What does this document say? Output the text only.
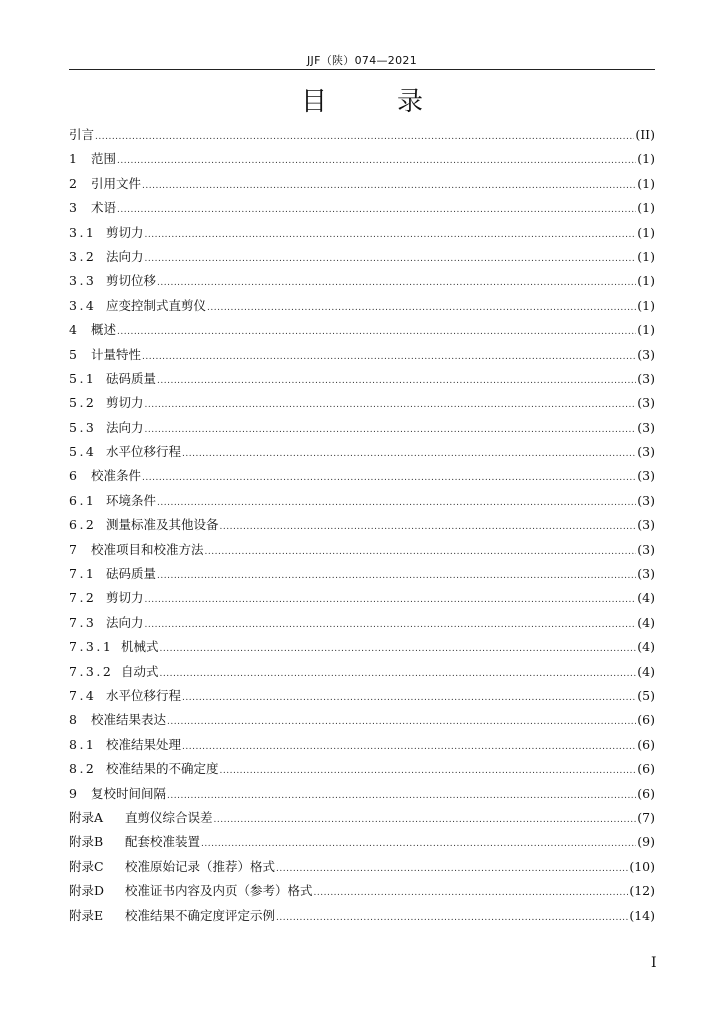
JJF（陕）074—2021
目　录
引言 .....	(II)
1 范围 .....	(1)
2 引用文件 .....	(1)
3 术语 .....	(1)
3.1 剪切力 .....	(1)
3.2 法向力 .....	(1)
3.3 剪切位移 .....	(1)
3.4 应变控制式直剪仪 .....	(1)
4 概述 .....	(1)
5 计量特性 .....	(3)
5.1 砝码质量 .....	(3)
5.2 剪切力 .....	(3)
5.3 法向力 .....	(3)
5.4 水平位移行程 .....	(3)
6 校准条件 .....	(3)
6.1 环境条件 .....	(3)
6.2 测量标准及其他设备 .....	(3)
7 校准项目和校准方法 .....	(3)
7.1 砝码质量 .....	(3)
7.2 剪切力 .....	(4)
7.3 法向力 .....	(4)
7.3.1 机械式 .....	(4)
7.3.2 自动式 .....	(4)
7.4 水平位移行程 .....	(5)
8 校准结果表达 .....	(6)
8.1 校准结果处理 .....	(6)
8.2 校准结果的不确定度 .....	(6)
9 复校时间间隔 .....	(6)
附录A	直剪仪综合误差 .....	(7)
附录B	配套校准装置 .....	(9)
附录C	校准原始记录（推荐）格式 .....	(10)
附录D	校准证书内容及内页（参考）格式 .....	(12)
附录E	校准结果不确定度评定示例 .....	(14)
I
